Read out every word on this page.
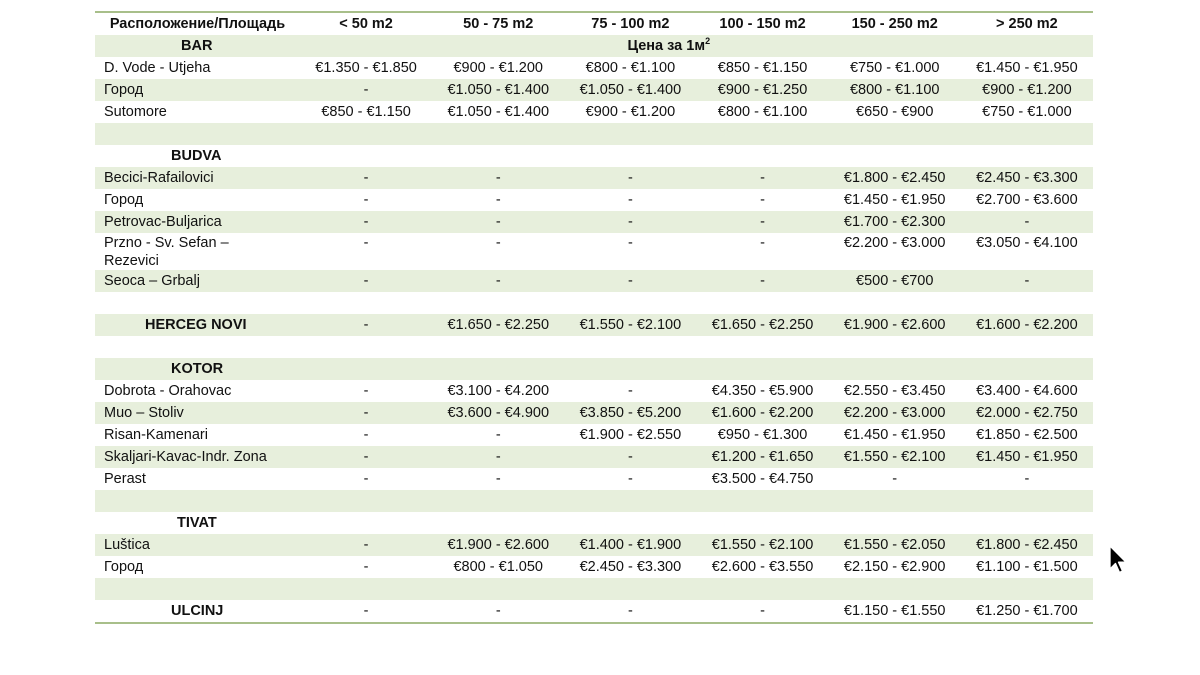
Расположение/Площадь	< 50 m2	50 - 75 m2	75 - 100 m2	100 - 150 m2	150 - 250 m2	> 250 m2
BAR				Цена за $1м^2$		
D. Vode - Utjeha	€1.350 - €1.850	€900 - €1.200	€800 - €1.100	€850 - €1.150	€750 - €1.000	€1.450 - €1.950
Город	-	€1.050 - €1.400	€1.050 - €1.400	€900 - €1.250	€800 - €1.100	€900 - €1.200
Sutomore	€850 - €1.150	€1.050 - €1.400	€900 - €1.200	€800 - €1.100	€650 - €900	€750 - €1.000

BUDVA						
Becici-Rafailovici	-	-	-	-	€1.800 - €2.450	€2.450 - €3.300
Город	-	-	-	-	€1.450 - €1.950	€2.700 - €3.600
Petrovac-Buljarica	-	-	-	-	€1.700 - €2.300	-
Przno - Sv. Sefan – Rezevici	-	-	-	-	€2.200 - €3.000	€3.050 - €4.100
Seoca – Grbalj	-	-	-	-	€500 - €700	-

HERCEG NOVI	-	€1.650 - €2.250	€1.550 - €2.100	€1.650 - €2.250	€1.900 - €2.600	€1.600 - €2.200

KOTOR						
Dobrota - Orahovac	-	€3.100 - €4.200	-	€4.350 - €5.900	€2.550 - €3.450	€3.400 - €4.600
Muo – Stoliv	-	€3.600 - €4.900	€3.850 - €5.200	€1.600 - €2.200	€2.200 - €3.000	€2.000 - €2.750
Risan-Kamenari	-	-	€1.900 - €2.550	€950 - €1.300	€1.450 - €1.950	€1.850 - €2.500
Skaljari-Kavac-Indr. Zona	-	-	-	€1.200 - €1.650	€1.550 - €2.100	€1.450 - €1.950
Perast	-	-	-	€3.500 - €4.750	-	-

TIVAT						
Luštica	-	€1.900 - €2.600	€1.400 - €1.900	€1.550 - €2.100	€1.550 - €2.050	€1.800 - €2.450
Город	-	€800 - €1.050	€2.450 - €3.300	€2.600 - €3.550	€2.150 - €2.900	€1.100 - €1.500

ULCINJ	-	-	-	-	€1.150 - €1.550	€1.250 - €1.700
